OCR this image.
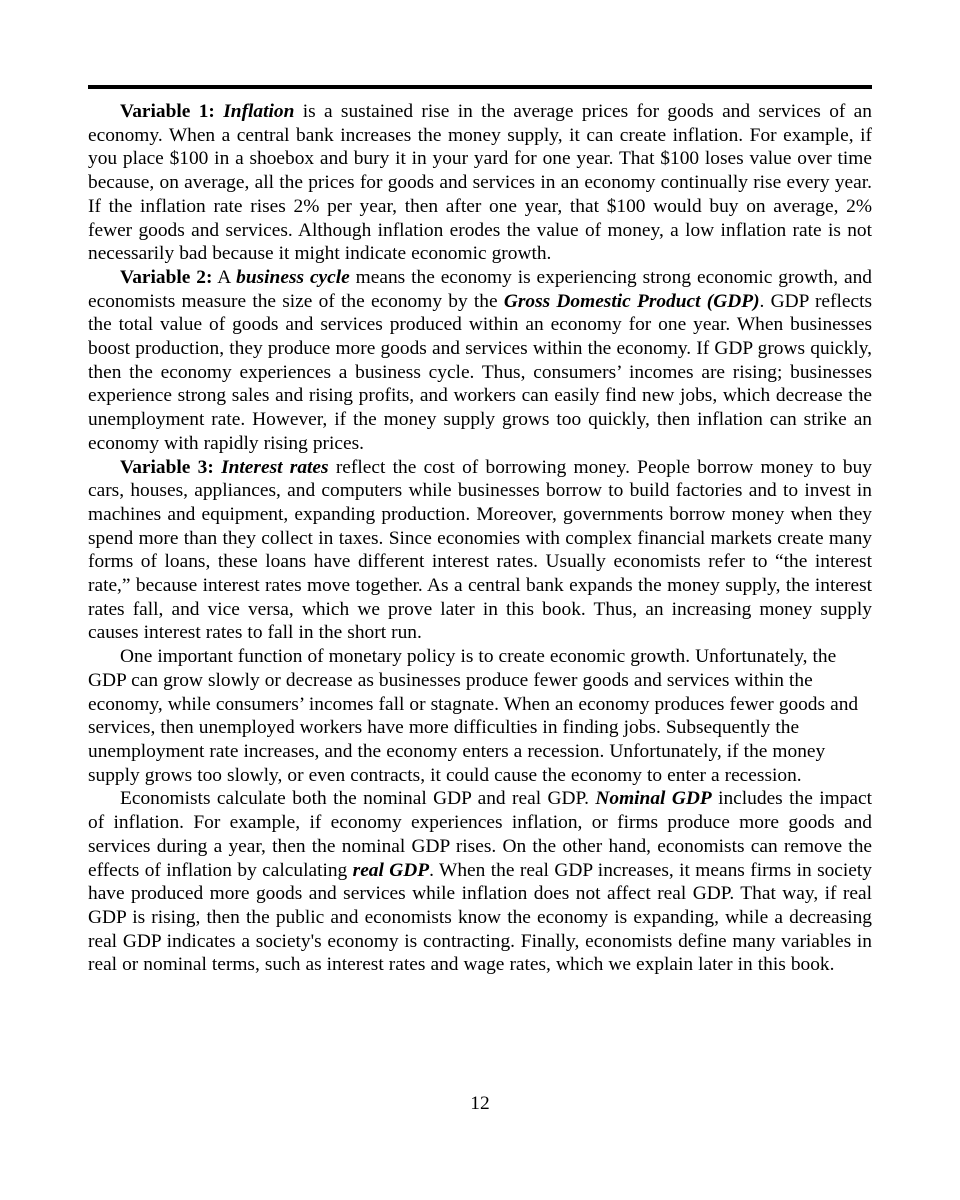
Variable 1: Inflation is a sustained rise in the average prices for goods and services of an economy. When a central bank increases the money supply, it can create inflation. For example, if you place $100 in a shoebox and bury it in your yard for one year. That $100 loses value over time because, on average, all the prices for goods and services in an economy continually rise every year. If the inflation rate rises 2% per year, then after one year, that $100 would buy on average, 2% fewer goods and services. Although inflation erodes the value of money, a low inflation rate is not necessarily bad because it might indicate economic growth.

Variable 2: A business cycle means the economy is experiencing strong economic growth, and economists measure the size of the economy by the Gross Domestic Product (GDP). GDP reflects the total value of goods and services produced within an economy for one year. When businesses boost production, they produce more goods and services within the economy. If GDP grows quickly, then the economy experiences a business cycle. Thus, consumers’ incomes are rising; businesses experience strong sales and rising profits, and workers can easily find new jobs, which decrease the unemployment rate. However, if the money supply grows too quickly, then inflation can strike an economy with rapidly rising prices.

Variable 3: Interest rates reflect the cost of borrowing money. People borrow money to buy cars, houses, appliances, and computers while businesses borrow to build factories and to invest in machines and equipment, expanding production. Moreover, governments borrow money when they spend more than they collect in taxes. Since economies with complex financial markets create many forms of loans, these loans have different interest rates. Usually economists refer to “the interest rate,” because interest rates move together. As a central bank expands the money supply, the interest rates fall, and vice versa, which we prove later in this book. Thus, an increasing money supply causes interest rates to fall in the short run.

One important function of monetary policy is to create economic growth. Unfortunately, the GDP can grow slowly or decrease as businesses produce fewer goods and services within the economy, while consumers’ incomes fall or stagnate. When an economy produces fewer goods and services, then unemployed workers have more difficulties in finding jobs. Subsequently the unemployment rate increases, and the economy enters a recession. Unfortunately, if the money supply grows too slowly, or even contracts, it could cause the economy to enter a recession.

Economists calculate both the nominal GDP and real GDP. Nominal GDP includes the impact of inflation. For example, if economy experiences inflation, or firms produce more goods and services during a year, then the nominal GDP rises. On the other hand, economists can remove the effects of inflation by calculating real GDP. When the real GDP increases, it means firms in society have produced more goods and services while inflation does not affect real GDP. That way, if real GDP is rising, then the public and economists know the economy is expanding, while a decreasing real GDP indicates a society's economy is contracting. Finally, economists define many variables in real or nominal terms, such as interest rates and wage rates, which we explain later in this book.

12
